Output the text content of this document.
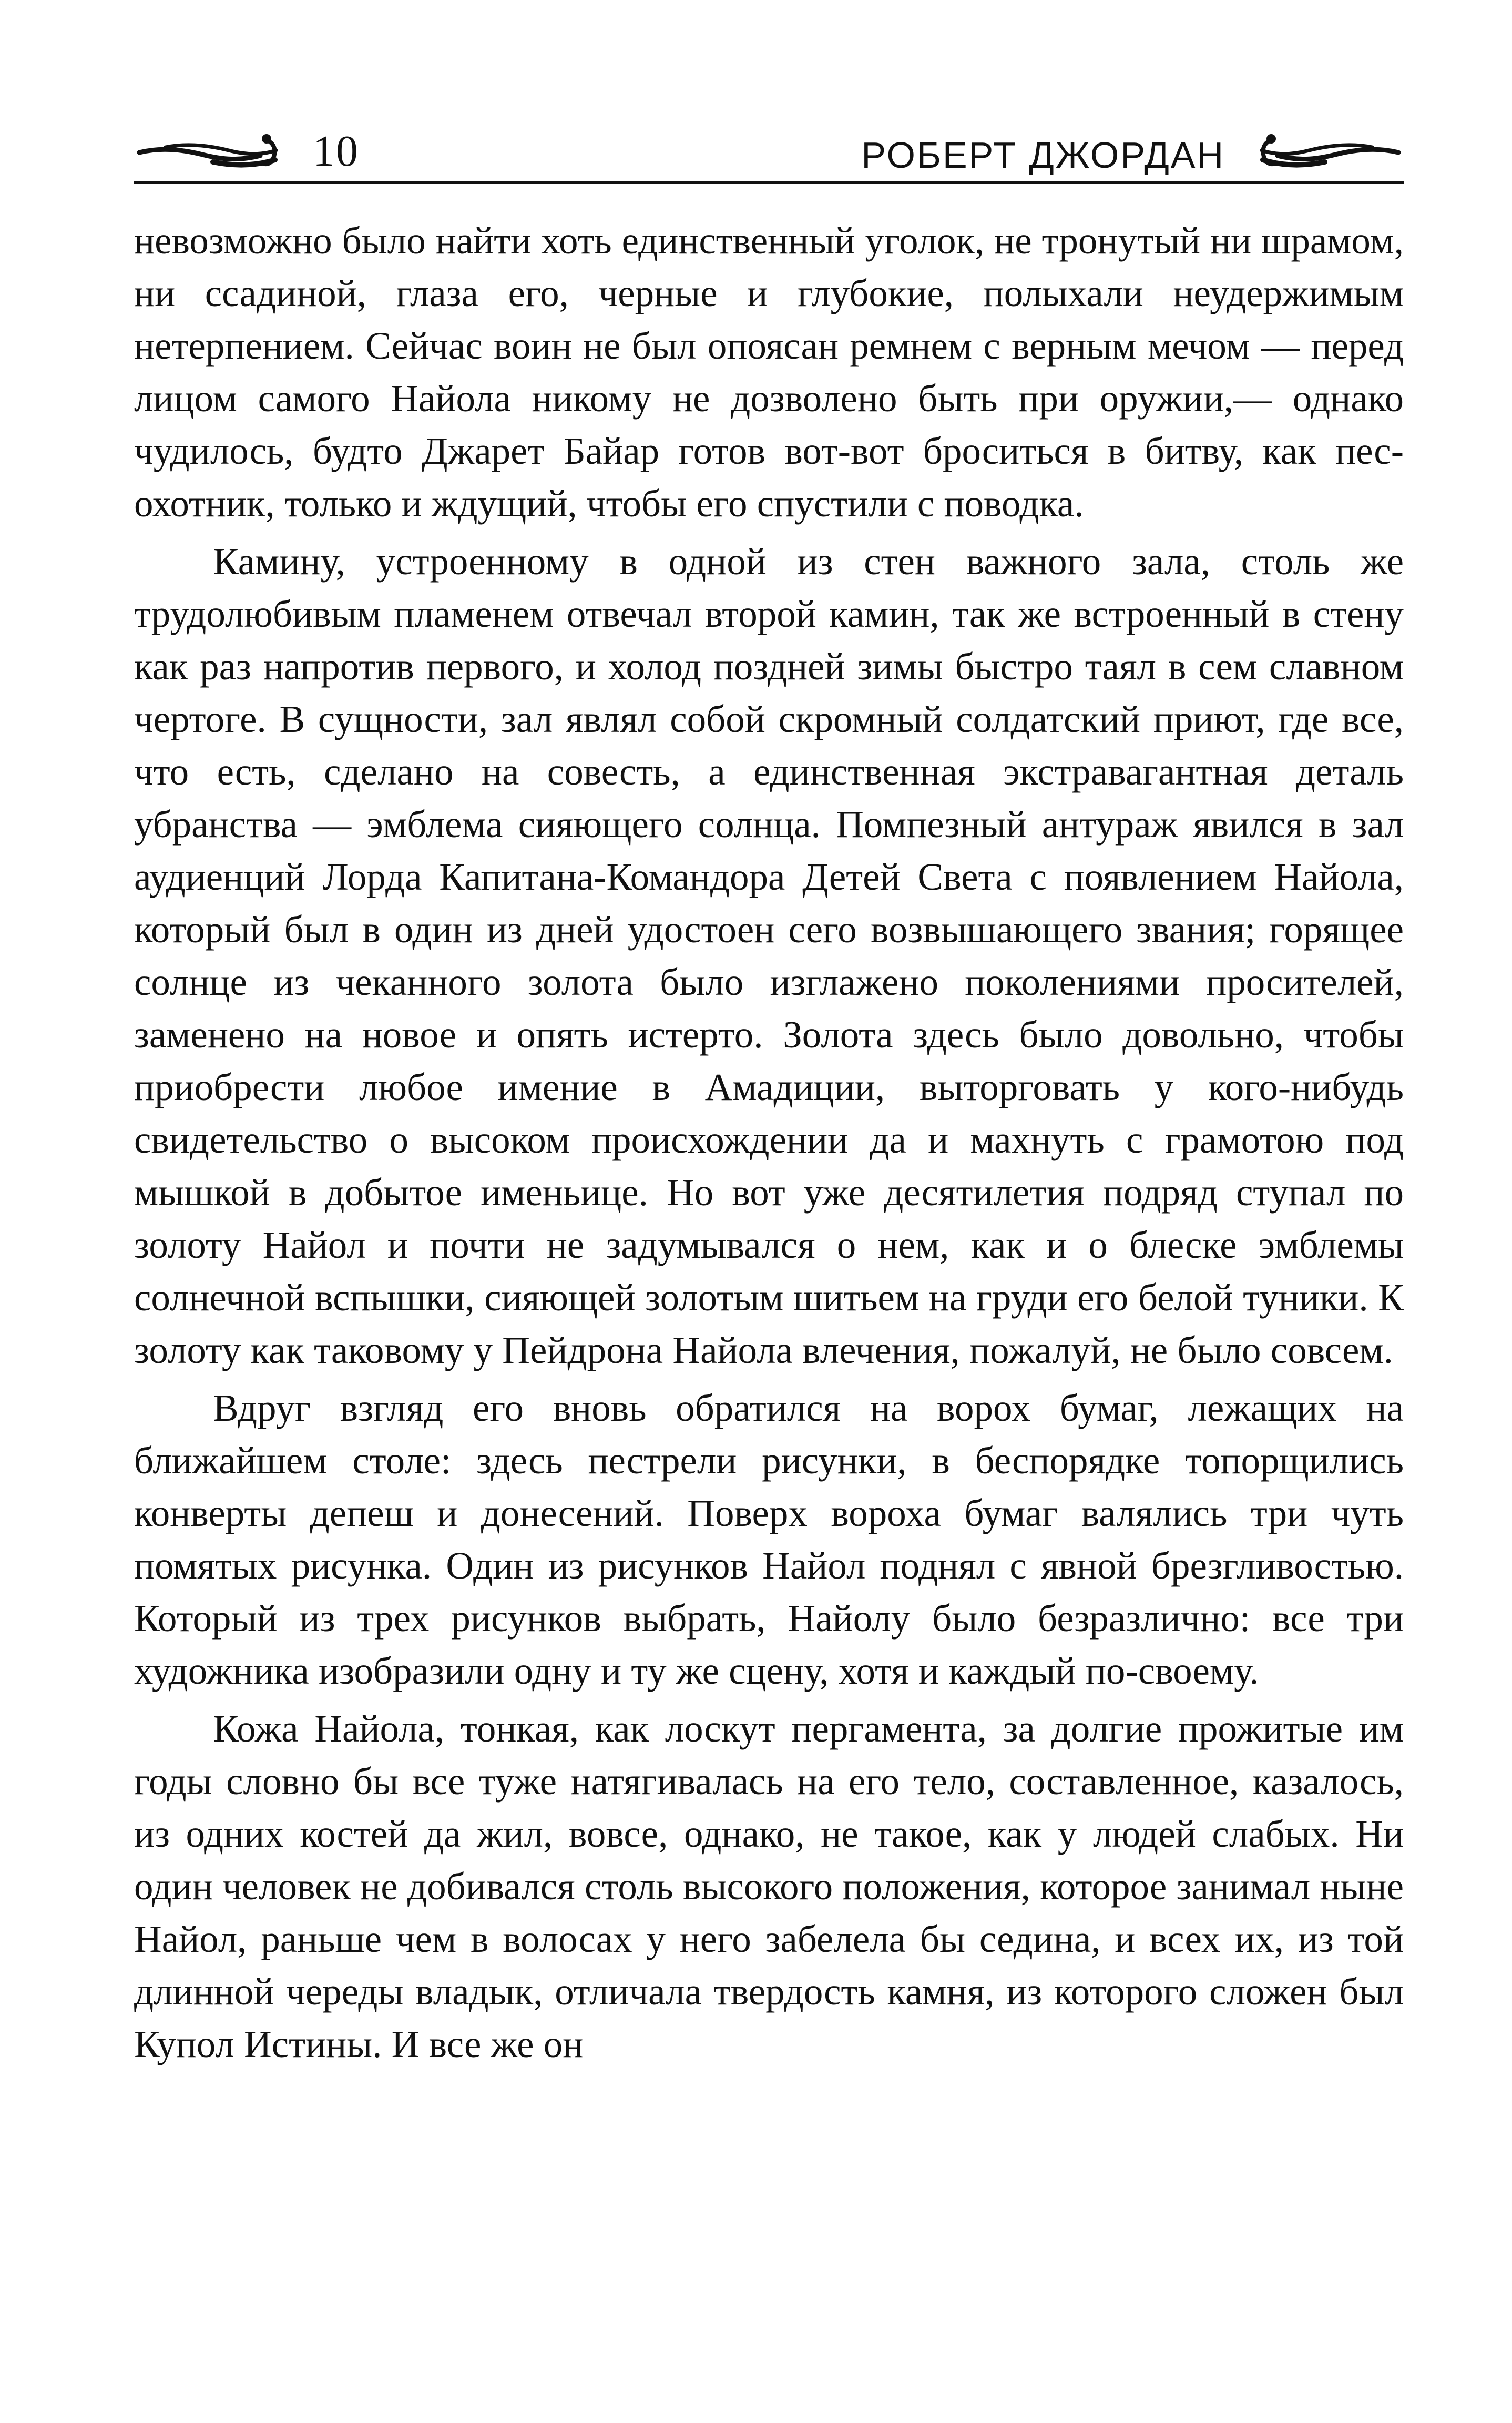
10	РОБЕРТ ДЖОРДАН

невозможно было найти хоть единственный уголок, не тронутый ни шрамом, ни ссадиной, глаза его, черные и глубокие, полыхали неудержимым нетерпением. Сейчас воин не был опоясан ремнем с верным мечом — перед лицом самого Найола никому не дозволено быть при оружии,— однако чудилось, будто Джарет Байар готов вот-вот броситься в битву, как пес-охотник, только и ждущий, чтобы его спустили с поводка.

Камину, устроенному в одной из стен важного зала, столь же трудолюбивым пламенем отвечал второй камин, так же встроенный в стену как раз напротив первого, и холод поздней зимы быстро таял в сем славном чертоге. В сущности, зал являл собой скромный солдатский приют, где все, что есть, сделано на совесть, а единственная экстравагантная деталь убранства — эмблема сияющего солнца. Помпезный антураж явился в зал аудиенций Лорда Капитана-Командора Детей Света с появлением Найола, который был в один из дней удостоен сего возвышающего звания; горящее солнце из чеканного золота было изглажено поколениями просителей, заменено на новое и опять истерто. Золота здесь было довольно, чтобы приобрести любое имение в Амадиции, выторговать у кого-нибудь свидетельство о высоком происхождении да и махнуть с грамотою под мышкой в добытое именьице. Но вот уже десятилетия подряд ступал по золоту Найол и почти не задумывался о нем, как и о блеске эмблемы солнечной вспышки, сияющей золотым шитьем на груди его белой туники. К золоту как таковому у Пейдрона Найола влечения, пожалуй, не было совсем.

Вдруг взгляд его вновь обратился на ворох бумаг, лежащих на ближайшем столе: здесь пестрели рисунки, в беспорядке топорщились конверты депеш и донесений. Поверх вороха бумаг валялись три чуть помятых рисунка. Один из рисунков Найол поднял с явной брезгливостью. Который из трех рисунков выбрать, Найолу было безразлично: все три художника изобразили одну и ту же сцену, хотя и каждый по-своему.

Кожа Найола, тонкая, как лоскут пергамента, за долгие прожитые им годы словно бы все туже натягивалась на его тело, составленное, казалось, из одних костей да жил, вовсе, однако, не такое, как у людей слабых. Ни один человек не добивался столь высокого положения, которое занимал ныне Найол, раньше чем в волосах у него забелела бы седина, и всех их, из той длинной череды владык, отличала твердость камня, из которого сложен был Купол Истины. И все же он
